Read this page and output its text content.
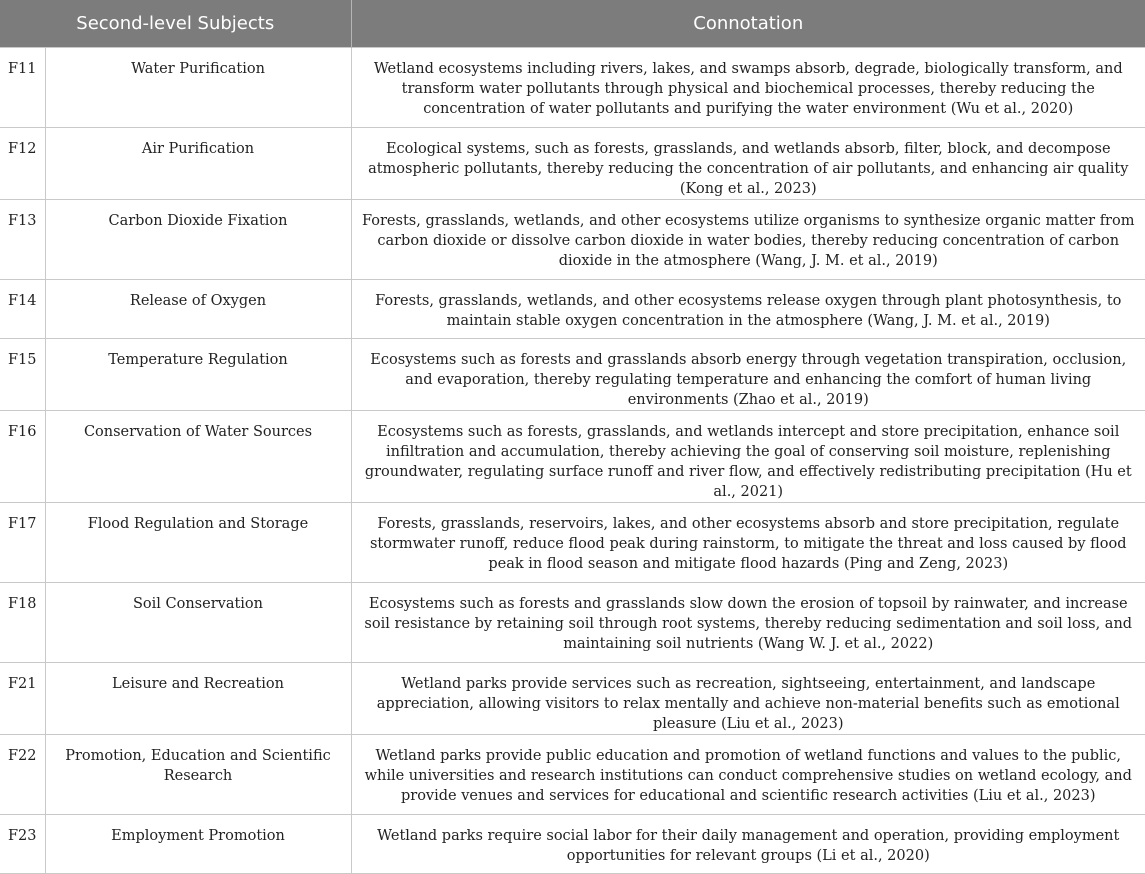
Second-level Subjects		Connotation
F11	Water Purification	Wetland ecosystems including rivers, lakes, and swamps absorb, degrade, biologically transform, and transform water pollutants through physical and biochemical processes, thereby reducing the concentration of water pollutants and purifying the water environment (Wu et al., 2020)
F12	Air Purification	Ecological systems, such as forests, grasslands, and wetlands absorb, filter, block, and decompose atmospheric pollutants, thereby reducing the concentration of air pollutants, and enhancing air quality (Kong et al., 2023)
F13	Carbon Dioxide Fixation	Forests, grasslands, wetlands, and other ecosystems utilize organisms to synthesize organic matter from carbon dioxide or dissolve carbon dioxide in water bodies, thereby reducing concentration of carbon dioxide in the atmosphere (Wang, J. M. et al., 2019)
F14	Release of Oxygen	Forests, grasslands, wetlands, and other ecosystems release oxygen through plant photosynthesis, to maintain stable oxygen concentration in the atmosphere (Wang, J. M. et al., 2019)
F15	Temperature Regulation	Ecosystems such as forests and grasslands absorb energy through vegetation transpiration, occlusion, and evaporation, thereby regulating temperature and enhancing the comfort of human living environments (Zhao et al., 2019)
F16	Conservation of Water Sources	Ecosystems such as forests, grasslands, and wetlands intercept and store precipitation, enhance soil infiltration and accumulation, thereby achieving the goal of conserving soil moisture, replenishing groundwater, regulating surface runoff and river flow, and effectively redistributing precipitation (Hu et al., 2021)
F17	Flood Regulation and Storage	Forests, grasslands, reservoirs, lakes, and other ecosystems absorb and store precipitation, regulate stormwater runoff, reduce flood peak during rainstorm, to mitigate the threat and loss caused by flood peak in flood season and mitigate flood hazards (Ping and Zeng, 2023)
F18	Soil Conservation	Ecosystems such as forests and grasslands slow down the erosion of topsoil by rainwater, and increase soil resistance by retaining soil through root systems, thereby reducing sedimentation and soil loss, and maintaining soil nutrients (Wang W. J. et al., 2022)
F21	Leisure and Recreation	Wetland parks provide services such as recreation, sightseeing, entertainment, and landscape appreciation, allowing visitors to relax mentally and achieve non-material benefits such as emotional pleasure (Liu et al., 2023)
F22	Promotion, Education and Scientific Research	Wetland parks provide public education and promotion of wetland functions and values to the public, while universities and research institutions can conduct comprehensive studies on wetland ecology, and provide venues and services for educational and scientific research activities (Liu et al., 2023)
F23	Employment Promotion	Wetland parks require social labor for their daily management and operation, providing employment opportunities for relevant groups (Li et al., 2020)
